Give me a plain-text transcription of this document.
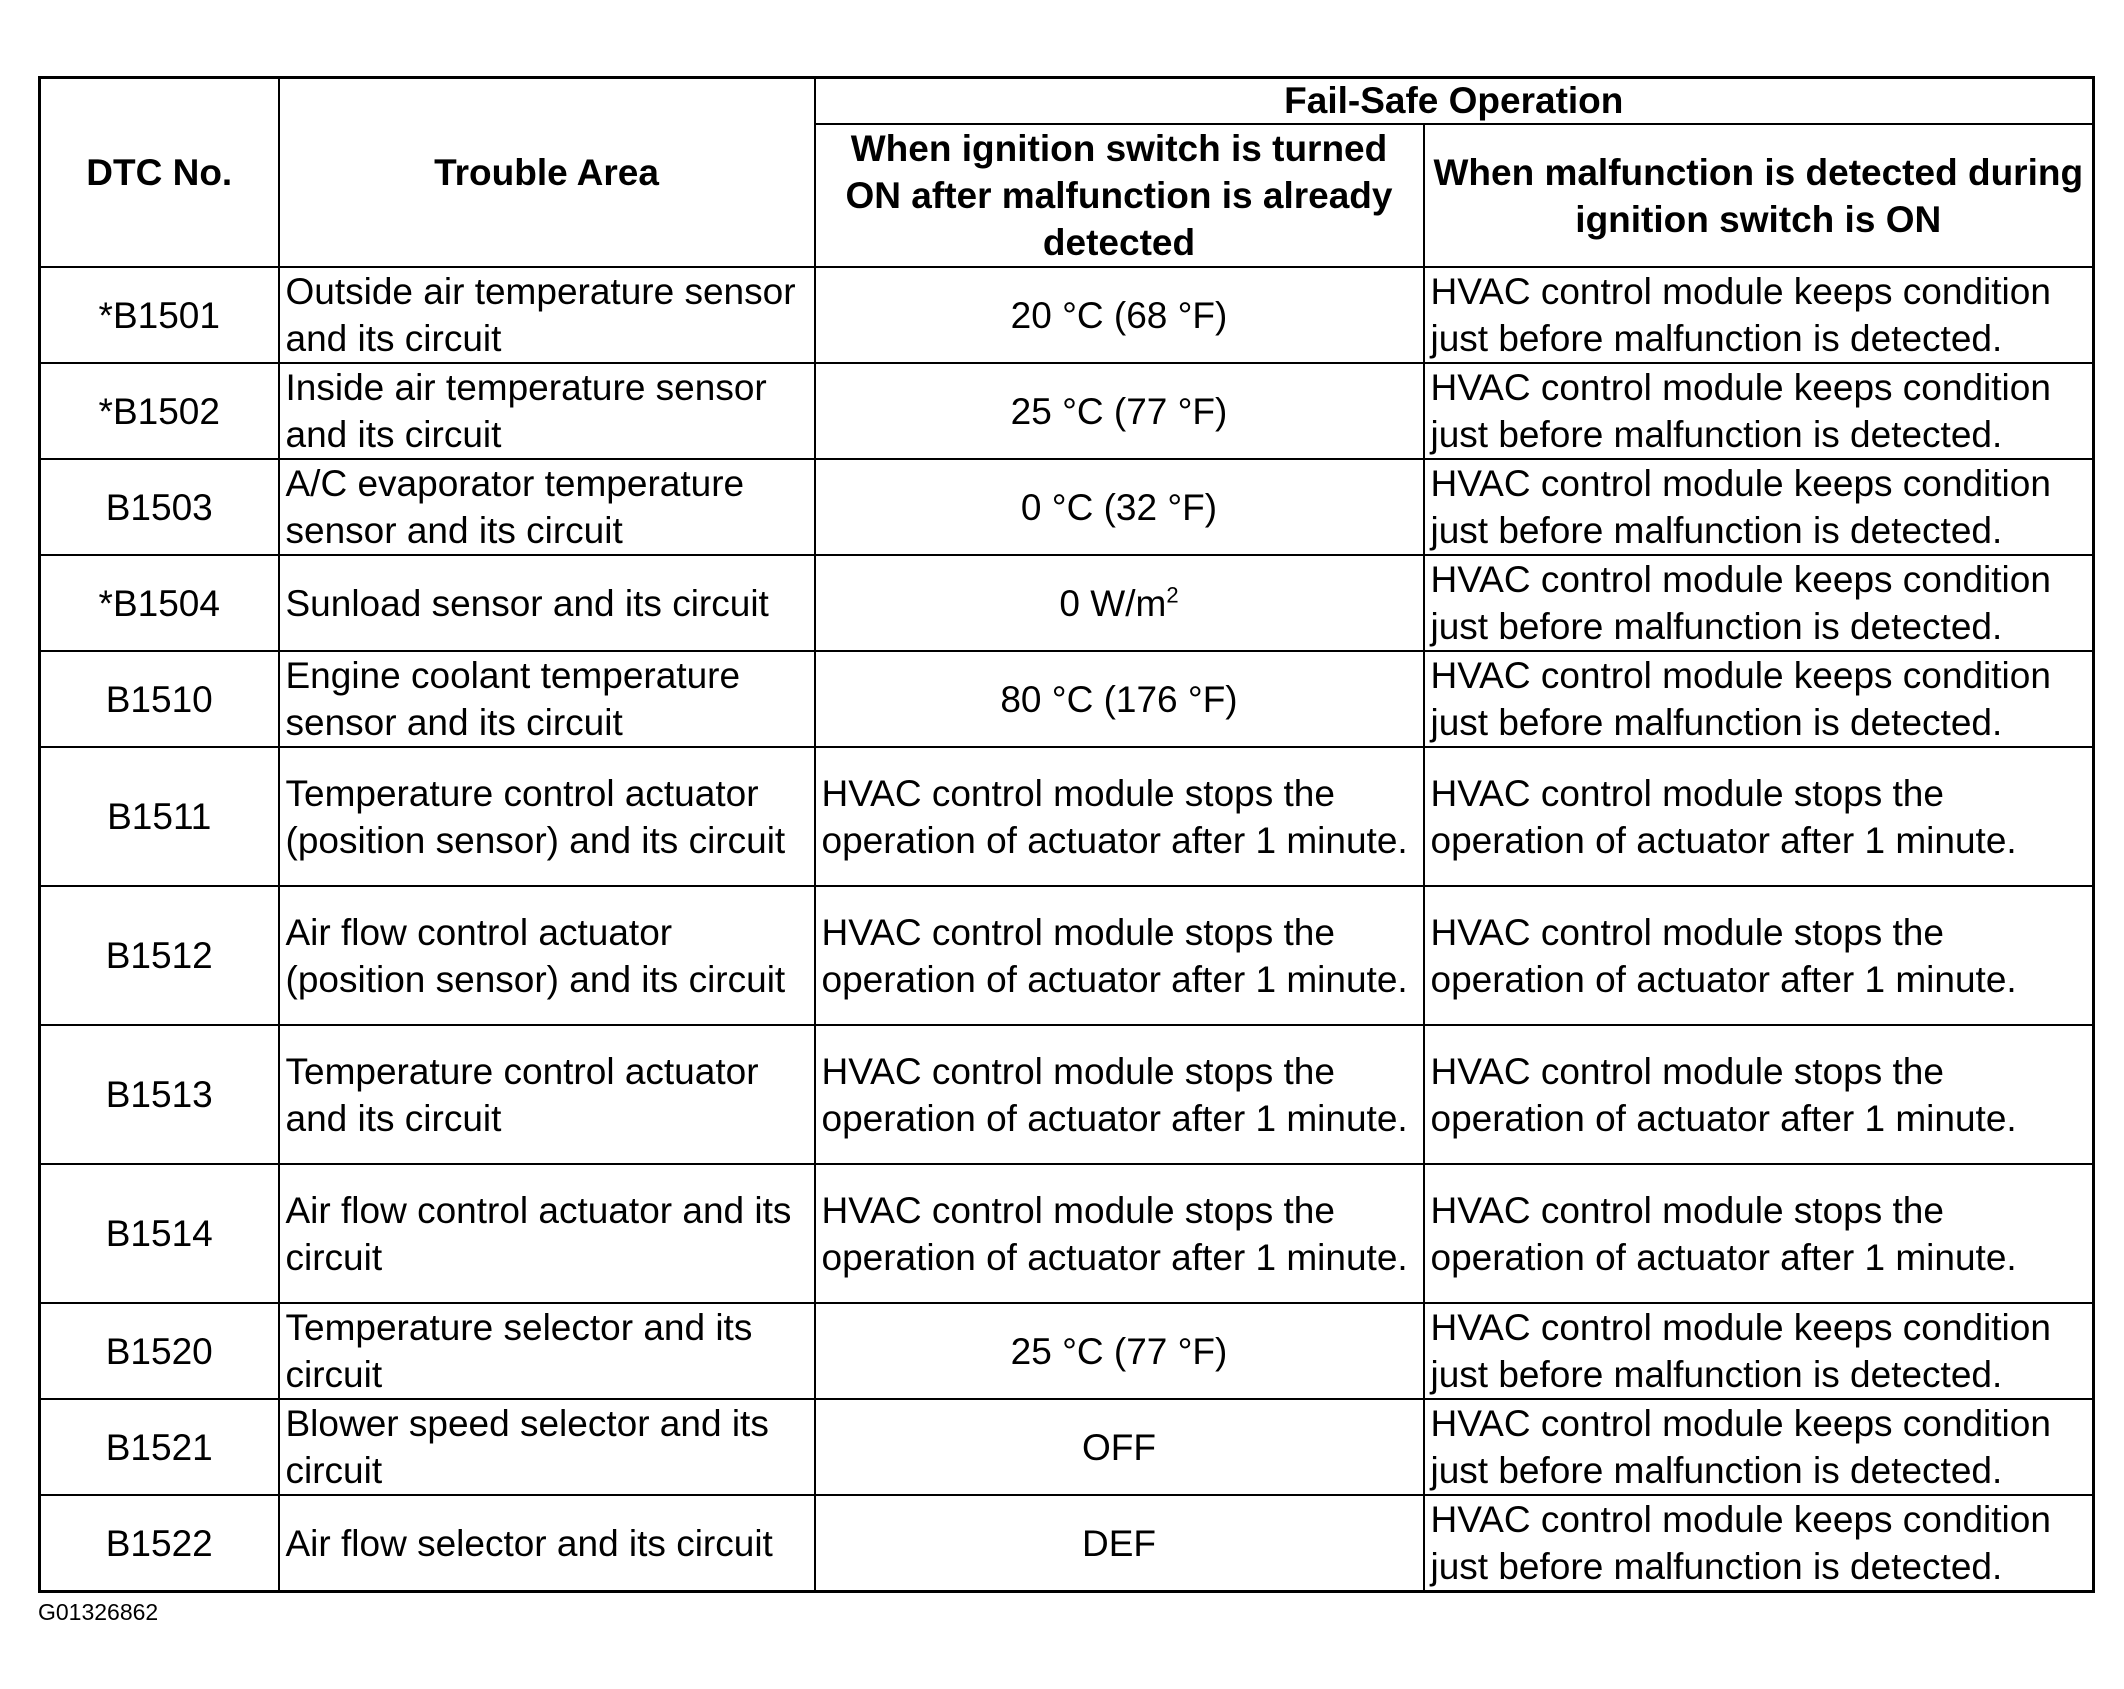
DTC No.	Trouble Area	Fail-Safe Operation	
		When ignition switch is turned ON after malfunction is already detected	When malfunction is detected during ignition switch is ON
*B1501	Outside air temperature sensor and its circuit	20 °C (68 °F)	HVAC control module keeps condition just before malfunction is detected.
*B1502	Inside air temperature sensor and its circuit	25 °C (77 °F)	HVAC control module keeps condition just before malfunction is detected.
B1503	A/C evaporator temperature sensor and its circuit	0 °C (32 °F)	HVAC control module keeps condition just before malfunction is detected.
*B1504	Sunload sensor and its circuit	0 $W/m^2$	HVAC control module keeps condition just before malfunction is detected.
B1510	Engine coolant temperature sensor and its circuit	80 °C (176 °F)	HVAC control module keeps condition just before malfunction is detected.
B1511	Temperature control actuator (position sensor) and its circuit	HVAC control module stops the operation of actuator after 1 minute.	HVAC control module stops the operation of actuator after 1 minute.
B1512	Air flow control actuator (position sensor) and its circuit	HVAC control module stops the operation of actuator after 1 minute.	HVAC control module stops the operation of actuator after 1 minute.
B1513	Temperature control actuator and its circuit	HVAC control module stops the operation of actuator after 1 minute.	HVAC control module stops the operation of actuator after 1 minute.
B1514	Air flow control actuator and its circuit	HVAC control module stops the operation of actuator after 1 minute.	HVAC control module stops the operation of actuator after 1 minute.
B1520	Temperature selector and its circuit	25 °C (77 °F)	HVAC control module keeps condition just before malfunction is detected.
B1521	Blower speed selector and its circuit	OFF	HVAC control module keeps condition just before malfunction is detected.
B1522	Air flow selector and its circuit	DEF	HVAC control module keeps condition just before malfunction is detected.
G01326862
